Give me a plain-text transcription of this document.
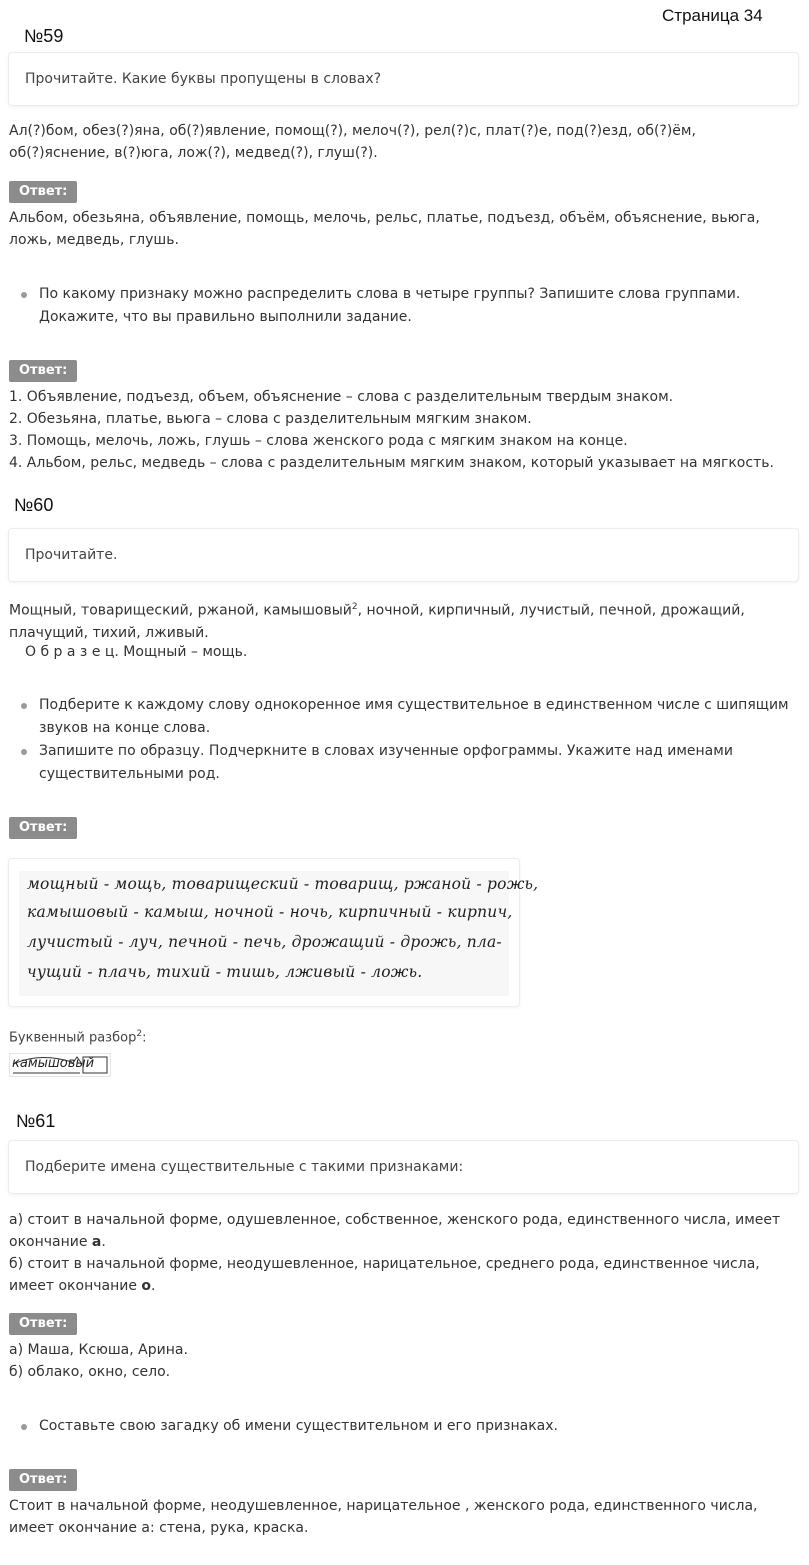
Страница 34
№59
Прочитайте. Какие буквы пропущены в словах?
Ал(?)бом, обез(?)яна, об(?)явление, помощ(?), мелоч(?), рел(?)с, плат(?)е, под(?)езд, об(?)ём, об(?)яснение, в(?)юга, лож(?), медвед(?), глуш(?).
Ответ:
Альбом, обезьяна, объявление, помощь, мелочь, рельс, платье, подъезд, объём, объяснение, вьюга, ложь, медведь, глушь.
По какому признаку можно распределить слова в четыре группы? Запишите слова группами. Докажите, что вы правильно выполнили задание.
Ответ:
1. Объявление, подъезд, объем, объяснение – слова с разделительным твердым знаком.
2. Обезьяна, платье, вьюга – слова с разделительным мягким знаком.
3. Помощь, мелочь, ложь, глушь – слова женского рода с мягким знаком на конце.
4. Альбом, рельс, медведь – слова с разделительным мягким знаком, который указывает на мягкость.
№60
Прочитайте.
Мощный, товарищеский, ржаной, камышовый$^2$, ночной, кирпичный, лучистый, печной, дрожащий, плачущий, тихий, лживый.
О б р а з е ц. Мощный – мощь.
Подберите к каждому слову однокоренное имя существительное в единственном числе с шипящим звуков на конце слова.
Запишите по образцу. Подчеркните в словах изученные орфограммы. Укажите над именами существительными род.
Ответ:
мощный - мощь, товарищеский - товарищ, ржаной - рожь,
камышовый - камыш, ночной - ночь, кирпичный - кирпич,
лучистый - луч, печной - печь, дрожащий - дрожь, пла-
чущий - плачь, тихий - тишь, лживый - ложь.
Буквенный разбор$^2$:
камышовый
№61
Подберите имена существительные с такими признаками:
а) стоит в начальной форме, одушевленное, собственное, женского рода, единственного числа, имеет окончание а.
б) стоит в начальной форме, неодушевленное, нарицательное, среднего рода, единственное числа, имеет окончание о.
Ответ:
а) Маша, Ксюша, Арина.
б) облако, окно, село.
Составьте свою загадку об имени существительном и его признаках.
Ответ:
Стоит в начальной форме, неодушевленное, нарицательное , женского рода, единственного числа, имеет окончание а: стена, рука, краска.
